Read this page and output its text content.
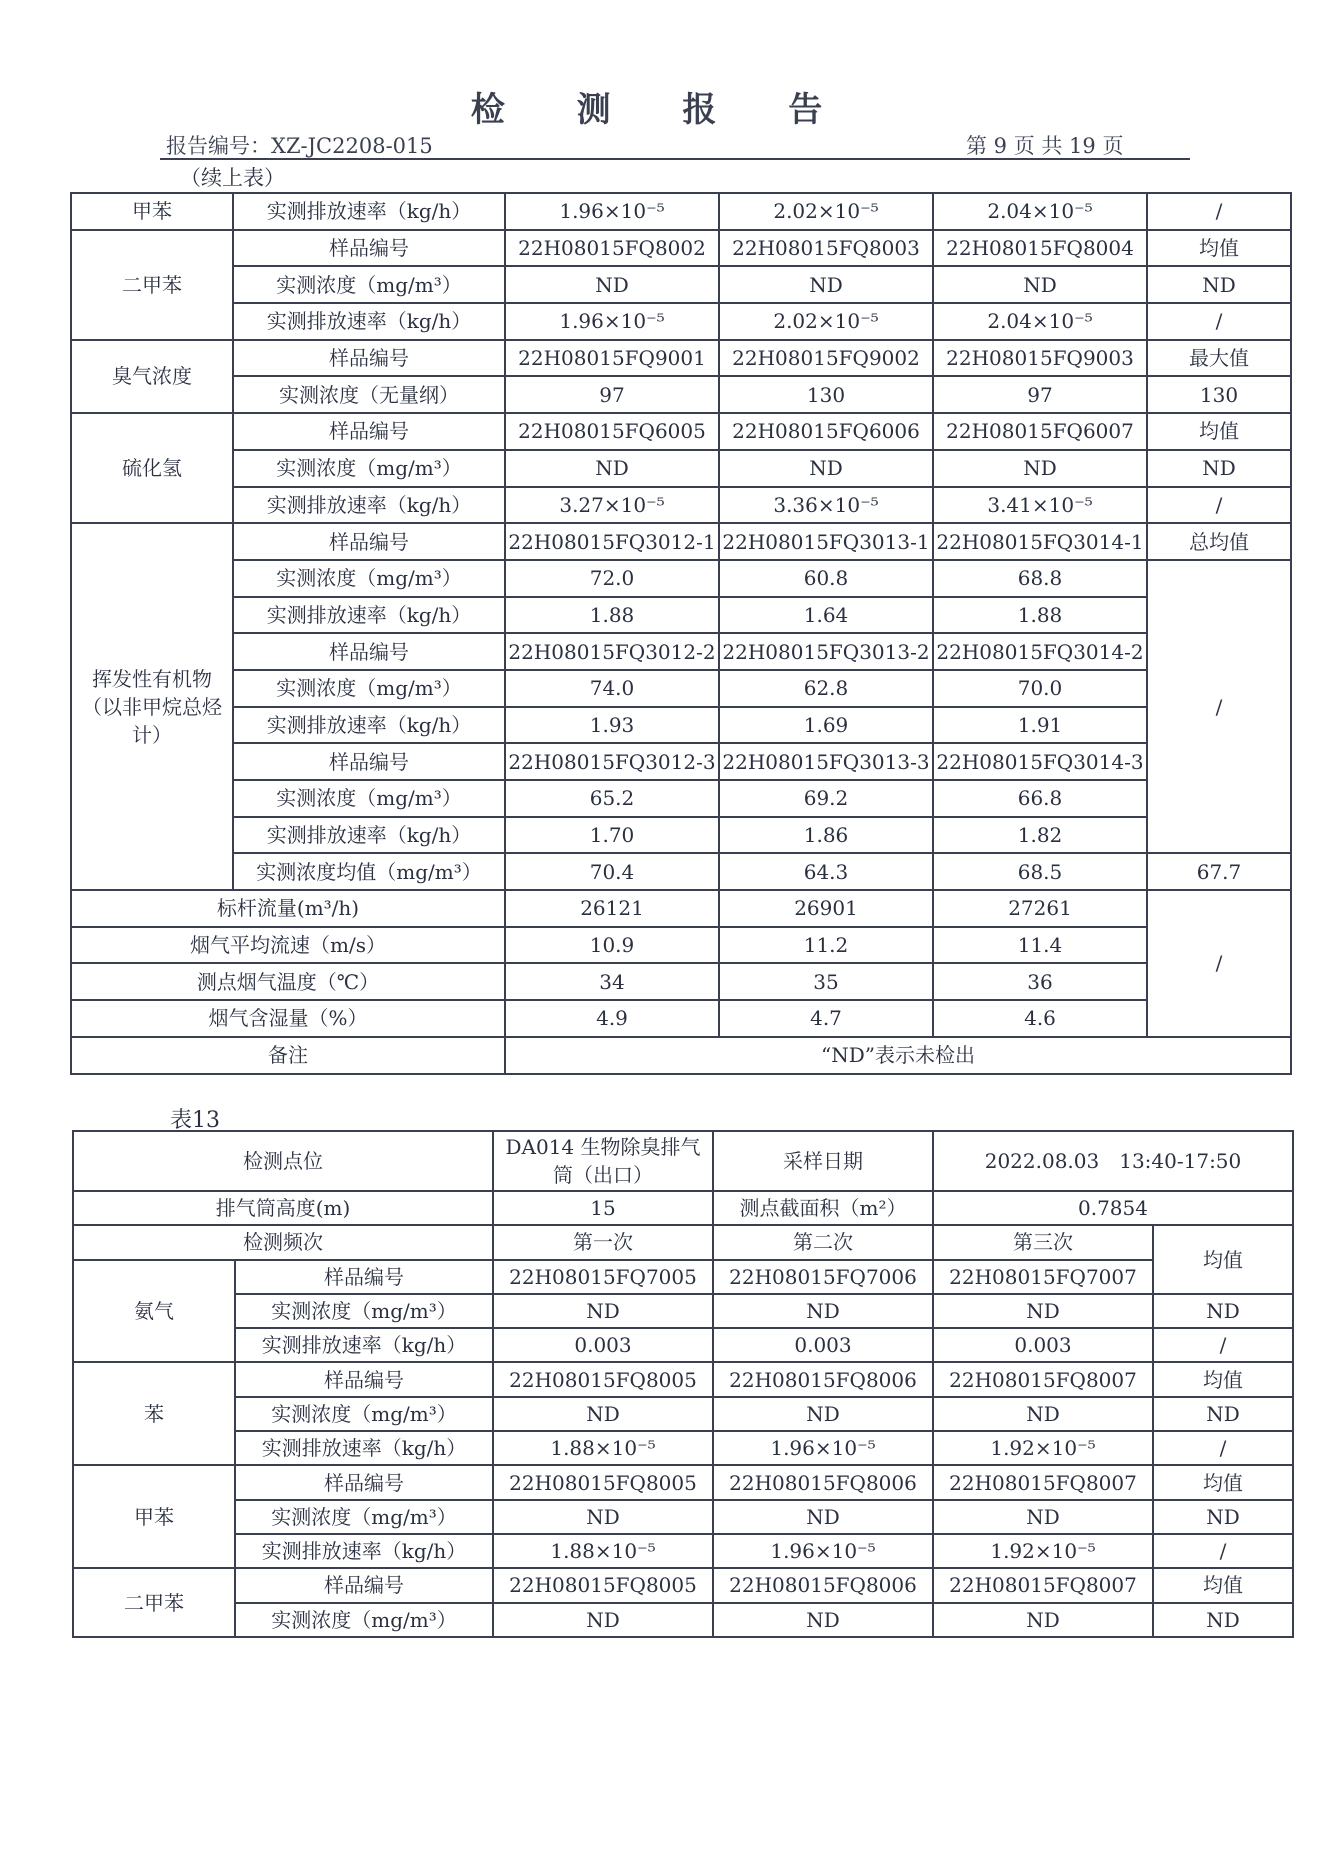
检 测 报 告
报告编号：XZ-JC2208-015	第 9 页 共 19 页
（续上表）
甲苯	实测排放速率（kg/h）	1.96×10⁻⁵	2.02×10⁻⁵	2.04×10⁻⁵	/
二甲苯	样品编号	22H08015FQ8002	22H08015FQ8003	22H08015FQ8004	均值
	实测浓度（mg/m³）	ND	ND	ND	ND
	实测排放速率（kg/h）	1.96×10⁻⁵	2.02×10⁻⁵	2.04×10⁻⁵	/
臭气浓度	样品编号	22H08015FQ9001	22H08015FQ9002	22H08015FQ9003	最大值
	实测浓度（无量纲）	97	130	97	130
硫化氢	样品编号	22H08015FQ6005	22H08015FQ6006	22H08015FQ6007	均值
	实测浓度（mg/m³）	ND	ND	ND	ND
	实测排放速率（kg/h）	3.27×10⁻⁵	3.36×10⁻⁵	3.41×10⁻⁵	/
挥发性有机物（以非甲烷总烃计）	样品编号	22H08015FQ3012-1	22H08015FQ3013-1	22H08015FQ3014-1	总均值
	实测浓度（mg/m³）	72.0	60.8	68.8	/
	实测排放速率（kg/h）	1.88	1.64	1.88	
	样品编号	22H08015FQ3012-2	22H08015FQ3013-2	22H08015FQ3014-2	
	实测浓度（mg/m³）	74.0	62.8	70.0	
	实测排放速率（kg/h）	1.93	1.69	1.91	
	样品编号	22H08015FQ3012-3	22H08015FQ3013-3	22H08015FQ3014-3	
	实测浓度（mg/m³）	65.2	69.2	66.8	
	实测排放速率（kg/h）	1.70	1.86	1.82	
	实测浓度均值（mg/m³）	70.4	64.3	68.5	67.7
标杆流量(m³/h)		26121	26901	27261	/
烟气平均流速（m/s）		10.9	11.2	11.4	
测点烟气温度（℃）		34	35	36	
烟气含湿量（%）		4.9	4.7	4.6	
备注		“ND”表示未检出			
表13
检测点位		DA014 生物除臭排气筒（出口）	采样日期	2022.08.03　13:40-17:50	
排气筒高度(m)		15	测点截面积（m²）	0.7854	
检测频次		第一次	第二次	第三次	均值
氨气	样品编号	22H08015FQ7005	22H08015FQ7006	22H08015FQ7007	
	实测浓度（mg/m³）	ND	ND	ND	ND
	实测排放速率（kg/h）	0.003	0.003	0.003	/
苯	样品编号	22H08015FQ8005	22H08015FQ8006	22H08015FQ8007	均值
	实测浓度（mg/m³）	ND	ND	ND	ND
	实测排放速率（kg/h）	1.88×10⁻⁵	1.96×10⁻⁵	1.92×10⁻⁵	/
甲苯	样品编号	22H08015FQ8005	22H08015FQ8006	22H08015FQ8007	均值
	实测浓度（mg/m³）	ND	ND	ND	ND
	实测排放速率（kg/h）	1.88×10⁻⁵	1.96×10⁻⁵	1.92×10⁻⁵	/
二甲苯	样品编号	22H08015FQ8005	22H08015FQ8006	22H08015FQ8007	均值
	实测浓度（mg/m³）	ND	ND	ND	ND
